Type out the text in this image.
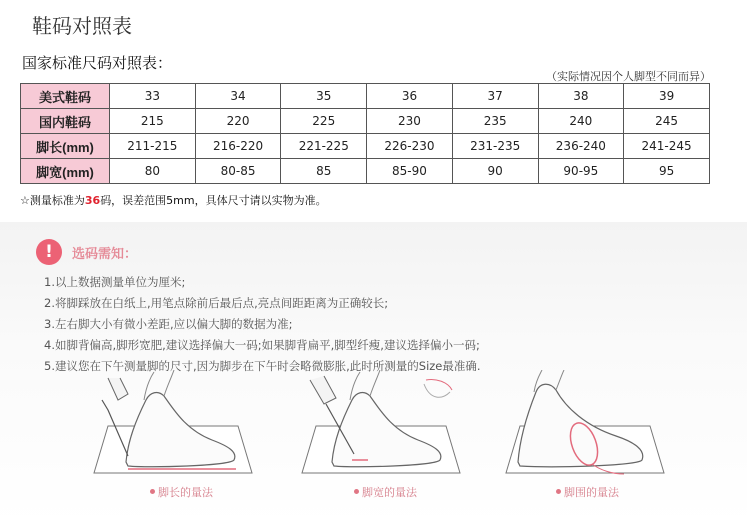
鞋码对照表
国家标准尺码对照表：
（实际情况因个人脚型不同而异）
美式鞋码	33	34	35	36	37	38	39
国内鞋码	215	220	225	230	235	240	245
脚长(mm)	211-215	216-220	221-225	226-230	231-235	236-240	241-245
脚宽(mm)	80	80-85	85	85-90	90	90-95	95
☆测量标准为36码，误差范围5mm，具体尺寸请以实物为准。
!	选码需知：
1.以上数据测量单位为厘米;
2.将脚踩放在白纸上,用笔点除前后最后点,亮点间距距离为正确较长;
3.左右脚大小有微小差距,应以偏大脚的数据为准;
4.如脚背偏高,脚形宽肥,建议选择偏大一码;如果脚背扁平,脚型纤瘦,建议选择偏小一码;
5.建议您在下午测量脚的尺寸,因为脚步在下午时会略微膨胀,此时所测量的Size最准确.
脚长的量法	脚宽的量法	脚围的量法
